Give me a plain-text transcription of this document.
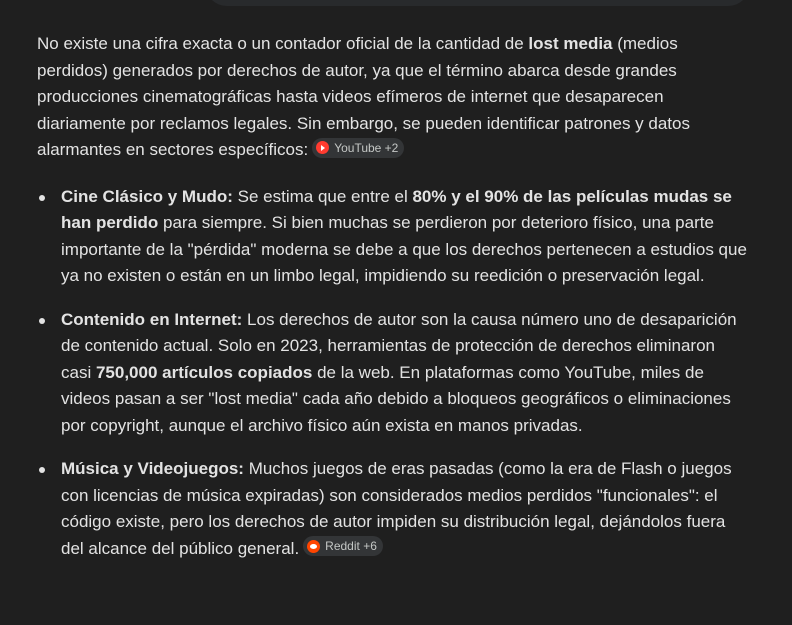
No existe una cifra exacta o un contador oficial de la cantidad de lost media (medios perdidos) generados por derechos de autor, ya que el término abarca desde grandes producciones cinematográficas hasta videos efímeros de internet que desaparecen diariamente por reclamos legales. Sin embargo, se pueden identificar patrones y datos alarmantes en sectores específicos: YouTube +2

Cine Clásico y Mudo: Se estima que entre el 80% y el 90% de las películas mudas se han perdido para siempre. Si bien muchas se perdieron por deterioro físico, una parte importante de la "pérdida" moderna se debe a que los derechos pertenecen a estudios que ya no existen o están en un limbo legal, impidiendo su reedición o preservación legal.
Contenido en Internet: Los derechos de autor son la causa número uno de desaparición de contenido actual. Solo en 2023, herramientas de protección de derechos eliminaron casi 750,000 artículos copiados de la web. En plataformas como YouTube, miles de videos pasan a ser "lost media" cada año debido a bloqueos geográficos o eliminaciones por copyright, aunque el archivo físico aún exista en manos privadas.
Música y Videojuegos: Muchos juegos de eras pasadas (como la era de Flash o juegos con licencias de música expiradas) son considerados medios perdidos "funcionales": el código existe, pero los derechos de autor impiden su distribución legal, dejándolos fuera del alcance del público general. Reddit +6
